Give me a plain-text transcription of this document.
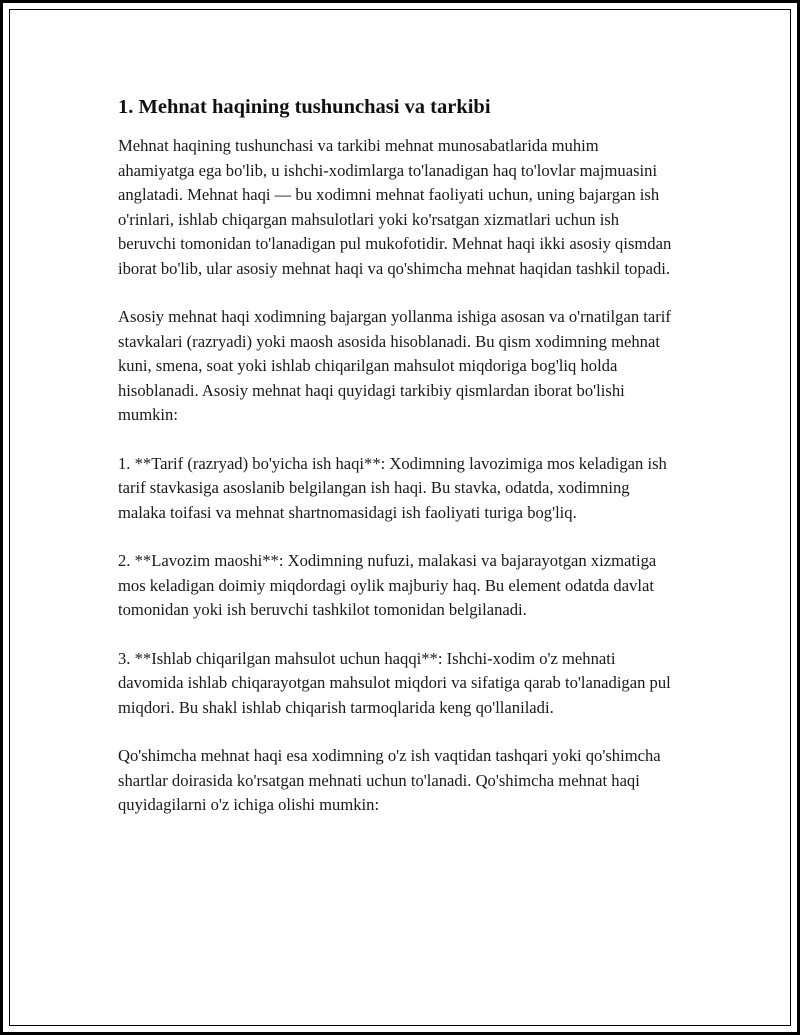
1. Mehnat haqining tushunchasi va tarkibi

Mehnat haqining tushunchasi va tarkibi mehnat munosabatlarida muhim ahamiyatga ega bo'lib, u ishchi-xodimlarga to'lanadigan haq to'lovlar majmuasini anglatadi. Mehnat haqi — bu xodimni mehnat faoliyati uchun, uning bajargan ish o'rinlari, ishlab chiqargan mahsulotlari yoki ko'rsatgan xizmatlari uchun ish beruvchi tomonidan to'lanadigan pul mukofotidir. Mehnat haqi ikki asosiy qismdan iborat bo'lib, ular asosiy mehnat haqi va qo'shimcha mehnat haqidan tashkil topadi.

Asosiy mehnat haqi xodimning bajargan yollanma ishiga asosan va o'rnatilgan tarif stavkalari (razryadi) yoki maosh asosida hisoblanadi. Bu qism xodimning mehnat kuni, smena, soat yoki ishlab chiqarilgan mahsulot miqdoriga bog'liq holda hisoblanadi. Asosiy mehnat haqi quyidagi tarkibiy qismlardan iborat bo'lishi mumkin:

1. **Tarif (razryad) bo'yicha ish haqi**: Xodimning lavozimiga mos keladigan ish tarif stavkasiga asoslanib belgilangan ish haqi. Bu stavka, odatda, xodimning malaka toifasi va mehnat shartnomasidagi ish faoliyati turiga bog'liq.

2. **Lavozim maoshi**: Xodimning nufuzi, malakasi va bajarayotgan xizmatiga mos keladigan doimiy miqdordagi oylik majburiy haq. Bu element odatda davlat tomonidan yoki ish beruvchi tashkilot tomonidan belgilanadi.

3. **Ishlab chiqarilgan mahsulot uchun haqqi**: Ishchi-xodim o'z mehnati davomida ishlab chiqarayotgan mahsulot miqdori va sifatiga qarab to'lanadigan pul miqdori. Bu shakl ishlab chiqarish tarmoqlarida keng qo'llaniladi.

Qo'shimcha mehnat haqi esa xodimning o'z ish vaqtidan tashqari yoki qo'shimcha shartlar doirasida ko'rsatgan mehnati uchun to'lanadi. Qo'shimcha mehnat haqi quyidagilarni o'z ichiga olishi mumkin:
